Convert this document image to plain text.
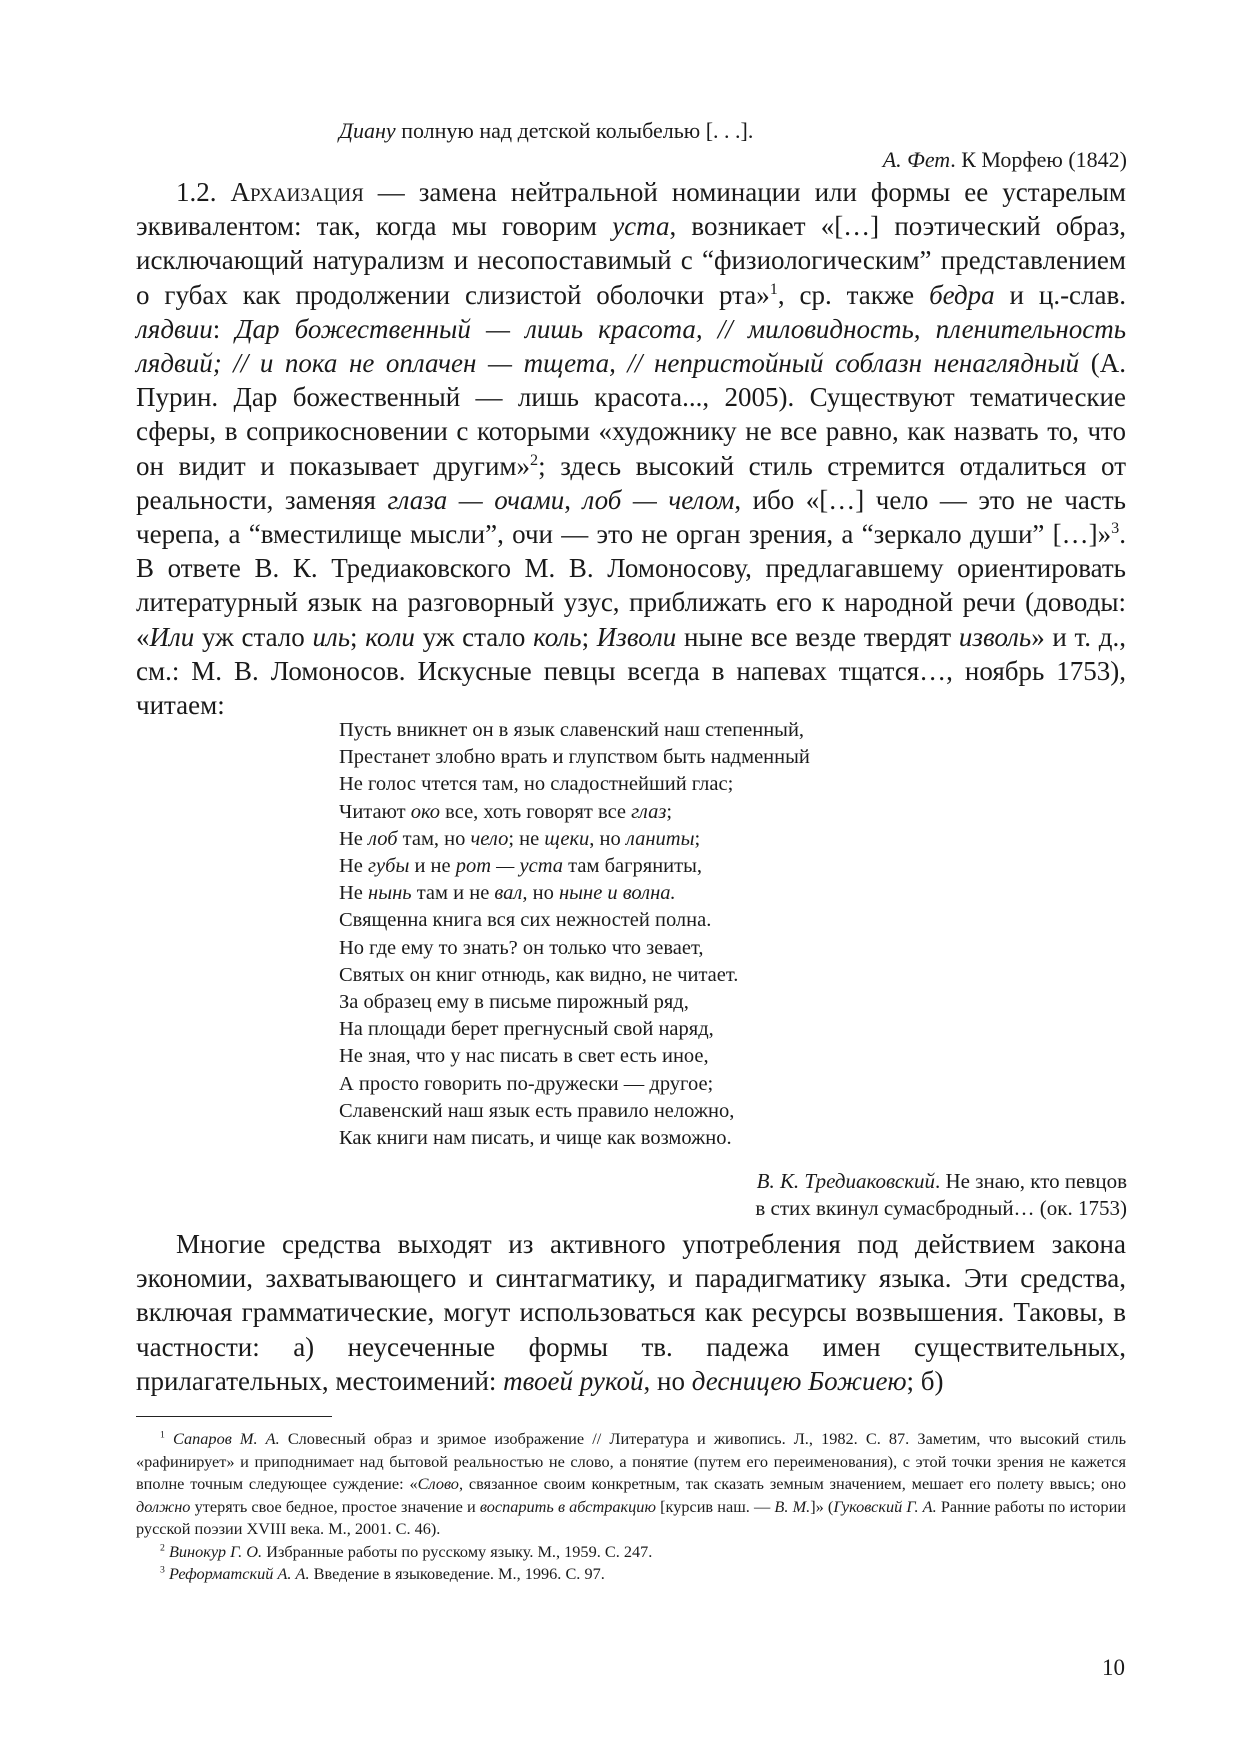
Диану полную над детской колыбелью [. . .].
А. Фет. К Морфею (1842)

1.2. Архаизация — замена нейтральной номинации или формы ее устарелым эквивалентом: так, когда мы говорим уста, возникает «[…] поэтический образ, исключающий натурализм и несопоставимый с “физиологическим” представлением о губах как продолжении слизистой оболочки рта»$^1$, ср. также бедра и ц.-слав. лядвии: Дар божественный — лишь красота, // миловидность, пленительность лядвий; // и пока не оплачен — тщета, // непристойный соблазн ненаглядный (А. Пурин. Дар божественный — лишь красота..., 2005). Существуют тематические сферы, в соприкосновении с которыми «художнику не все равно, как назвать то, что он видит и показывает другим»$^2$; здесь высокий стиль стремится отдалиться от реальности, заменяя глаза — очами, лоб — челом, ибо «[…] чело — это не часть черепа, а “вместилище мысли”, очи — это не орган зрения, а “зеркало души” […]»$^3$. В ответе В. К. Тредиаковского М. В. Ломоносову, предлагавшему ориентировать литературный язык на разговорный узус, приближать его к народной речи (доводы: «Или уж стало иль; коли уж стало коль; Изволи ныне все везде твердят изволь» и т. д., см.: М. В. Ломоносов. Искусные певцы всегда в напевах тщатся…, ноябрь 1753), читаем:

Пусть вникнет он в язык славенский наш степенный,
Престанет злобно врать и глупством быть надменный
Не голос чтется там, но сладостнейший глас;
Читают око все, хоть говорят все глаз;
Не лоб там, но чело; не щеки, но ланиты;
Не губы и не рот — уста там багряниты,
Не нынь там и не вал, но ныне и волна.
Священна книга вся сих нежностей полна.
Но где ему то знать? он только что зевает,
Святых он книг отнюдь, как видно, не читает.
За образец ему в письме пирожный ряд,
На площади берет прегнусный свой наряд,
Не зная, что у нас писать в свет есть иное,
А просто говорить по-дружески — другое;
Славенский наш язык есть правило неложно,
Как книги нам писать, и чище как возможно.
В. К. Тредиаковский. Не знаю, кто певцов
в стих вкинул сумасбродный… (ок. 1753)

Многие средства выходят из активного употребления под действием закона экономии, захватывающего и синтагматику, и парадигматику языка. Эти средства, включая грамматические, могут использоваться как ресурсы возвышения. Таковы, в частности: а) неусеченные формы тв. падежа имен существительных, прилагательных, местоимений: твоей рукой, но десницею Божиею; б)

$^1$ Сапаров М. А. Словесный образ и зримое изображение // Литература и живопись. Л., 1982. С. 87. Заметим, что высокий стиль «рафинирует» и приподнимает над бытовой реальностью не слово, а понятие (путем его переименования), с этой точки зрения не кажется вполне точным следующее суждение: «Слово, связанное своим конкретным, так сказать земным значением, мешает его полету ввысь; оно должно утерять свое бедное, простое значение и воспарить в абстракцию [курсив наш. — В. М.]» (Гуковский Г. А. Ранние работы по истории русской поэзии XVIII века. М., 2001. С. 46).

$^2$ Винокур Г. О. Избранные работы по русскому языку. М., 1959. С. 247.

$^3$ Реформатский А. А. Введение в языковедение. М., 1996. С. 97.

10
